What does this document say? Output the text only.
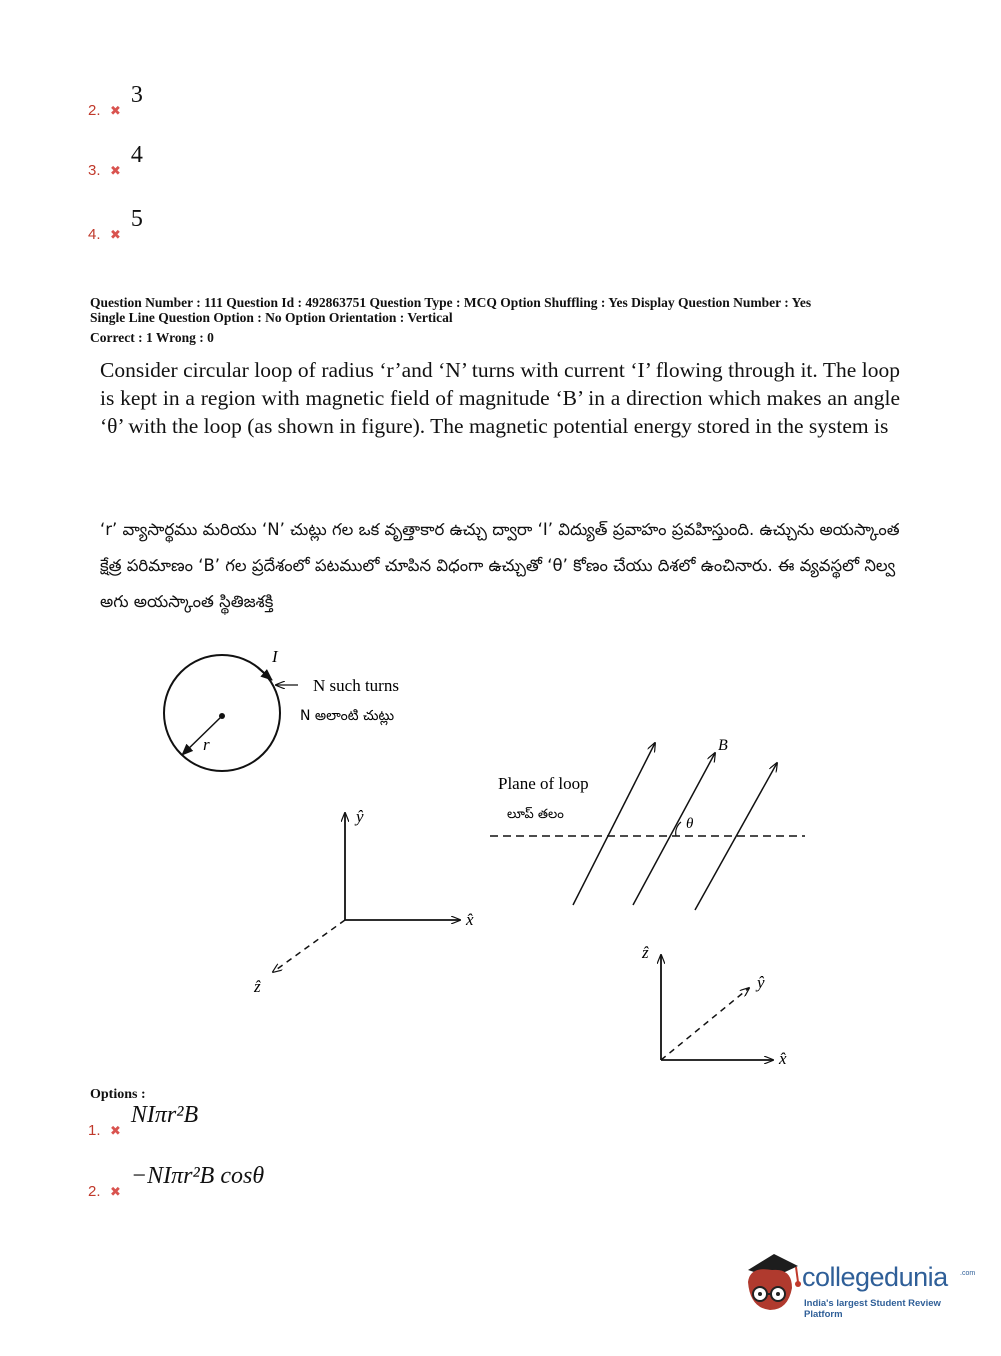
2. ✖
3
3. ✖
4
4. ✖
5
Question Number : 111 Question Id : 492863751 Question Type : MCQ Option Shuffling : Yes Display Question Number : Yes
Single Line Question Option : No Option Orientation : Vertical
Correct : 1 Wrong : 0
Consider circular loop of radius ‘r’and ‘N’ turns with current ‘I’ flowing through it. The loop is kept in a region with magnetic field of magnitude ‘B’ in a direction which makes an angle ‘θ’ with the loop (as shown in figure). The magnetic potential energy stored in the system is
‘r’ వ్యాసార్థము మరియు ‘N’ చుట్లు గల ఒక వృత్తాకార ఉచ్చు ద్వారా ‘I’ విద్యుత్ ప్రవాహం ప్రవహిస్తుంది. ఉచ్చును అయస్కాంత క్షేత్ర పరిమాణం ‘B’ గల ప్రదేశంలో పటములో చూపిన విధంగా ఉచ్చుతో ‘θ’ కోణం చేయు దిశలో ఉంచినారు. ఈ వ్యవస్థలో నిల్వ అగు అయస్కాంత స్థితిజశక్తి
I
r
N such turns
N అలాంటి చుట్లు
ŷ
x̂
ẑ
Plane of loop
లూప్ తలం
B
θ
ẑ
ŷ
x̂
Options :
1. ✖
NIπr²B
2. ✖
−NIπr²B cosθ
collegedunia .com
India's largest Student Review Platform
